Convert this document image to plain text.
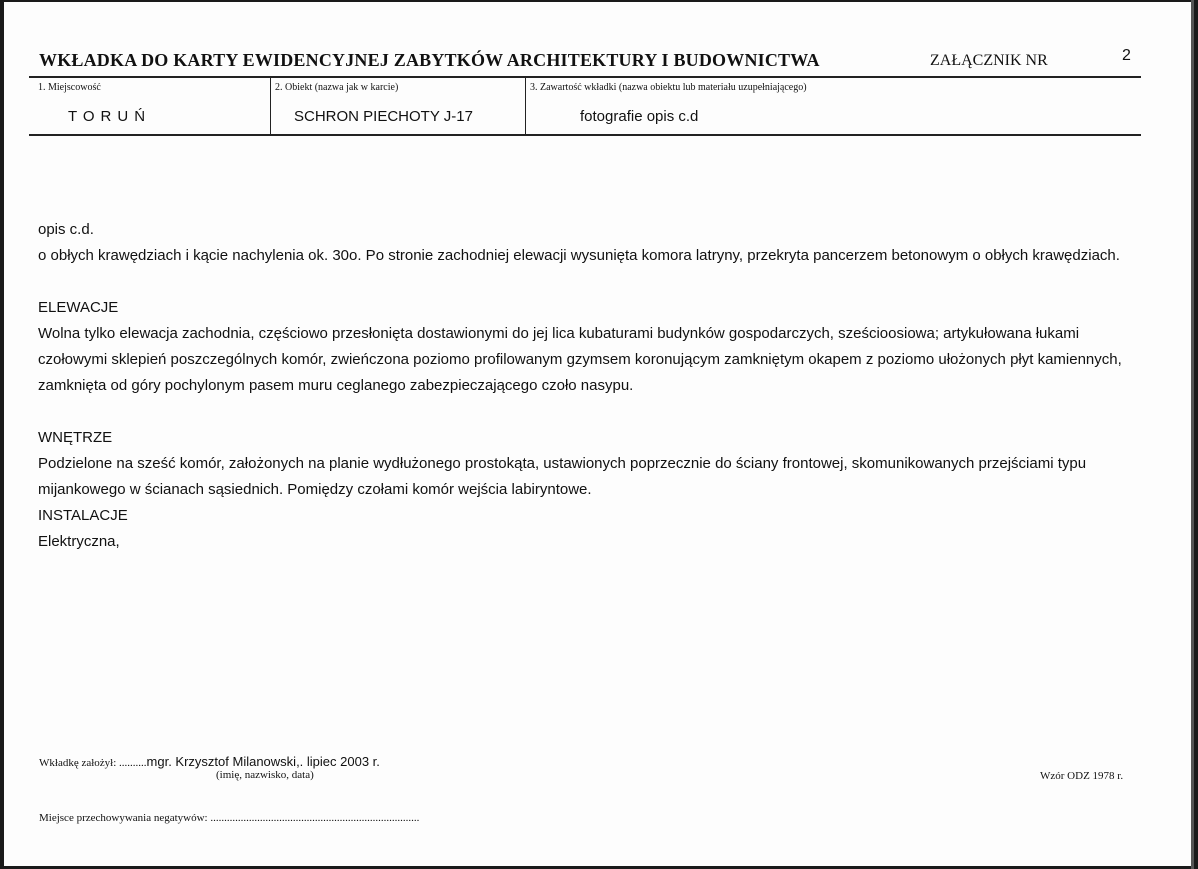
WKŁADKA DO KARTY EWIDENCYJNEJ ZABYTKÓW ARCHITEKTURY I BUDOWNICTWA	ZAŁĄCZNIK NR	2
1. Miejscowość	2. Obiekt (nazwa jak w karcie)	3. Zawartość wkładki (nazwa obiektu lub materiału uzupełniającego)
TORUŃ	SCHRON PIECHOTY J-17	fotografie opis c.d

opis c.d.

o obłych krawędziach i kącie nachylenia ok. 30o. Po stronie zachodniej elewacji wysunięta komora latryny, przekryta pancerzem betonowym o obłych krawędziach.

ELEWACJE

Wolna tylko elewacja zachodnia, częściowo przesłonięta dostawionymi do jej lica kubaturami budynków gospodarczych, sześcioosiowa; artykułowana łukami czołowymi sklepień poszczególnych komór, zwieńczona poziomo profilowanym gzymsem koronującym zamkniętym okapem z poziomo ułożonych płyt kamiennych, zamknięta od góry pochylonym pasem muru ceglanego zabezpieczającego czoło nasypu.

WNĘTRZE

Podzielone na sześć komór, założonych na planie wydłużonego prostokąta, ustawionych poprzecznie do ściany frontowej, skomunikowanych przejściami typu mijankowego w ścianach sąsiednich. Pomiędzy czołami komór wejścia labiryntowe.

INSTALACJE

Elektryczna,

Wkładkę założył: ..........mgr. Krzysztof Milanowski,. lipiec 2003 r.
(imię, nazwisko, data)	Wzór ODZ 1978 r.
Miejsce przechowywania negatywów: ............................................................................
